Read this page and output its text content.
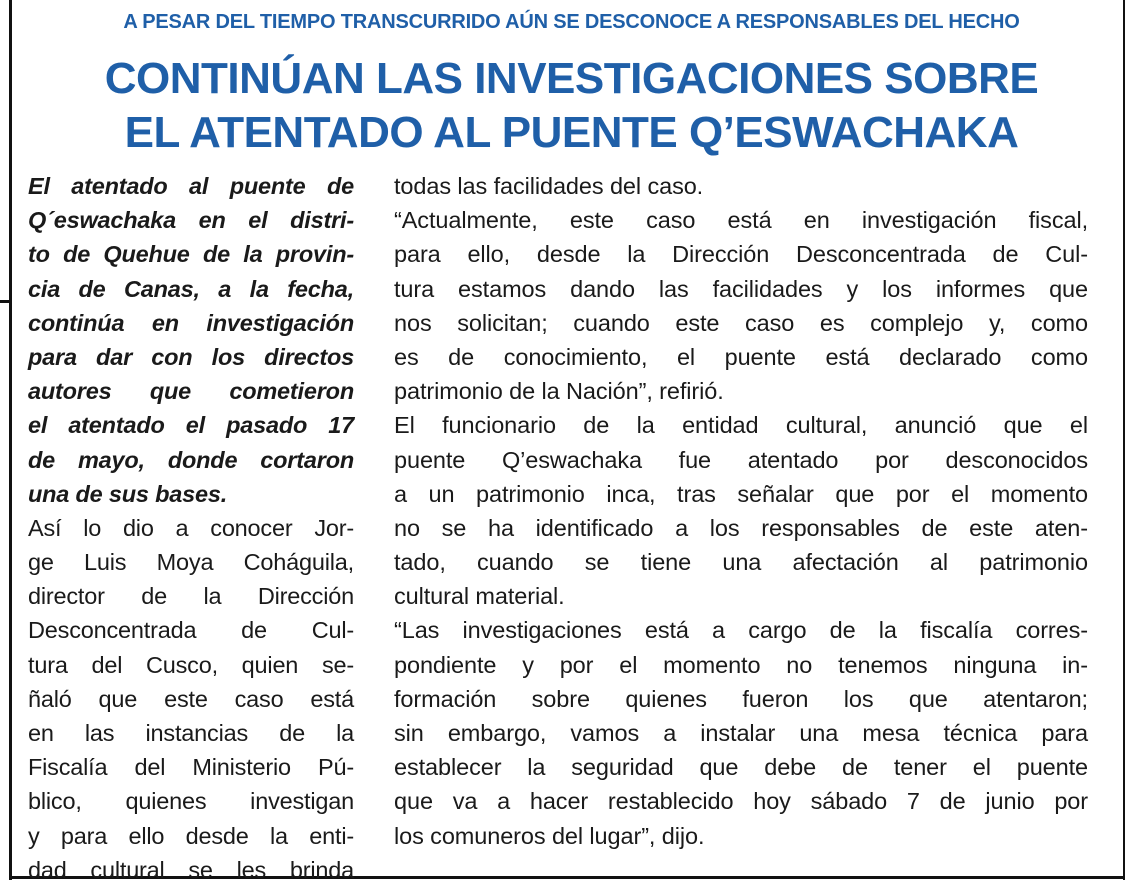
A PESAR DEL TIEMPO TRANSCURRIDO AÚN SE DESCONOCE A RESPONSABLES DEL HECHO
CONTINÚAN LAS INVESTIGACIONES SOBRE
EL ATENTADO AL PUENTE Q’ESWACHAKA
El atentado al puente de
Q´eswachaka en el distri-
to de Quehue de la provin-
cia de Canas, a la fecha,
continúa en investigación
para dar con los directos
autores que cometieron
el atentado el pasado 17
de mayo, donde cortaron
una de sus bases.
Así lo dio a conocer Jor-
ge Luis Moya Coháguila,
director de la Dirección
Desconcentrada de Cul-
tura del Cusco, quien se-
ñaló que este caso está
en las instancias de la
Fiscalía del Ministerio Pú-
blico, quienes investigan
y para ello desde la enti-
dad cultural se les brinda
todas las facilidades del caso.
“Actualmente, este caso está en investigación fiscal,
para ello, desde la Dirección Desconcentrada de Cul-
tura estamos dando las facilidades y los informes que
nos solicitan; cuando este caso es complejo y, como
es de conocimiento, el puente está declarado como
patrimonio de la Nación”, refirió.
El funcionario de la entidad cultural, anunció que el
puente Q’eswachaka fue atentado por desconocidos
a un patrimonio inca, tras señalar que por el momento
no se ha identificado a los responsables de este aten-
tado, cuando se tiene una afectación al patrimonio
cultural material.
“Las investigaciones está a cargo de la fiscalía corres-
pondiente y por el momento no tenemos ninguna in-
formación sobre quienes fueron los que atentaron;
sin embargo, vamos a instalar una mesa técnica para
establecer la seguridad que debe de tener el puente
que va a hacer restablecido hoy sábado 7 de junio por
los comuneros del lugar”, dijo.
